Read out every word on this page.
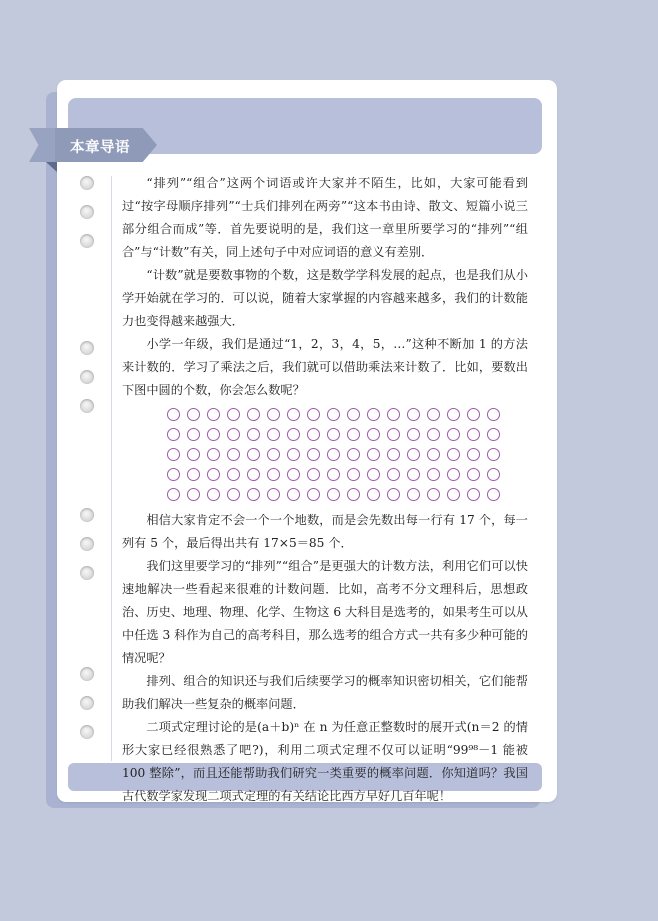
本章导语

“排列”“组合”这两个词语或许大家并不陌生，比如，大家可能看到过“按字母顺序排列”“士兵们排列在两旁”“这本书由诗、散文、短篇小说三部分组合而成”等．首先要说明的是，我们这一章里所要学习的“排列”“组合”与“计数”有关，同上述句子中对应词语的意义有差别．

“计数”就是要数事物的个数，这是数学学科发展的起点，也是我们从小学开始就在学习的．可以说，随着大家掌握的内容越来越多，我们的计数能力也变得越来越强大．

小学一年级，我们是通过“1，2，3，4，5，…”这种不断加 1 的方法来计数的．学习了乘法之后，我们就可以借助乘法来计数了．比如，要数出下图中圆的个数，你会怎么数呢？

相信大家肯定不会一个一个地数，而是会先数出每一行有 17 个，每一列有 5 个，最后得出共有 17×5＝85 个．

我们这里要学习的“排列”“组合”是更强大的计数方法，利用它们可以快速地解决一些看起来很难的计数问题．比如，高考不分文理科后，思想政治、历史、地理、物理、化学、生物这 6 大科目是选考的，如果考生可以从中任选 3 科作为自己的高考科目，那么选考的组合方式一共有多少种可能的情况呢？

排列、组合的知识还与我们后续要学习的概率知识密切相关，它们能帮助我们解决一些复杂的概率问题．

二项式定理讨论的是(a＋b)ⁿ 在 n 为任意正整数时的展开式(n＝2 的情形大家已经很熟悉了吧?)，利用二项式定理不仅可以证明“99⁹⁸－1 能被 100 整除”，而且还能帮助我们研究一类重要的概率问题．你知道吗？我国古代数学家发现二项式定理的有关结论比西方早好几百年呢！
